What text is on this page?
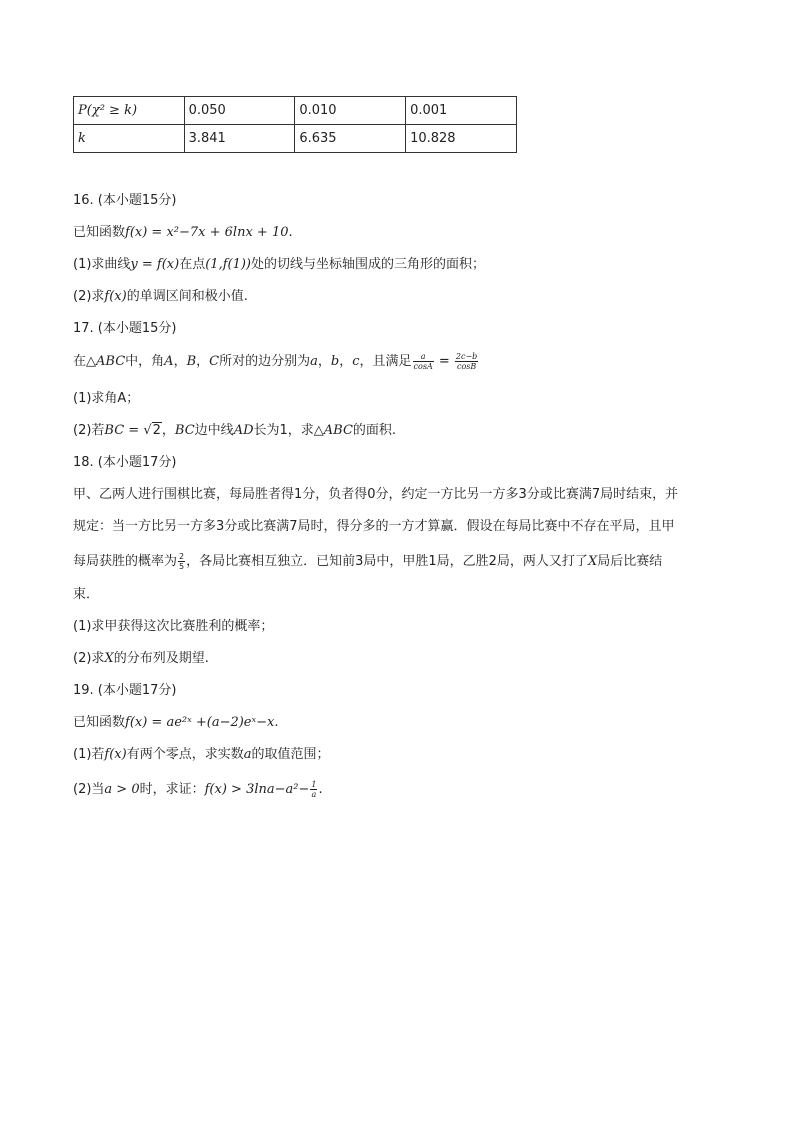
P(χ² ≥ k)	0.050	0.010	0.001
k	3.841	6.635	10.828
16. (本小题15分)
已知函数f(x) = x²−7x + 6lnx + 10.
(1)求曲线y = f(x)在点(1,f(1))处的切线与坐标轴围成的三角形的面积；
(2)求f(x)的单调区间和极小值.
17. (本小题15分)
在△ABC中，角A，B，C所对的边分别为a，b，c，且满足 $\frac{a}{\cos A} = \frac{2c-b}{\cos B}$
(1)求角A；
(2)若BC = √2，BC边中线AD长为1，求△ABC的面积.
18. (本小题17分)
甲、乙两人进行围棋比赛，每局胜者得1分，负者得0分，约定一方比另一方多3分或比赛满7局时结束，并
规定：当一方比另一方多3分或比赛满7局时，得分多的一方才算赢．假设在每局比赛中不存在平局，且甲
每局获胜的概率为 $\frac{2}{5}$ ，各局比赛相互独立．已知前3局中，甲胜1局，乙胜2局，两人又打了X局后比赛结
束．
(1)求甲获得这次比赛胜利的概率；
(2)求X的分布列及期望.
19. (本小题17分)
已知函数f(x) = ae²ˣ +(a−2)eˣ−x.
(1)若f(x)有两个零点，求实数a的取值范围；
(2)当a > 0时，求证：$f(x) > 3\ln a-a^2- \frac{1}{a}$ .
